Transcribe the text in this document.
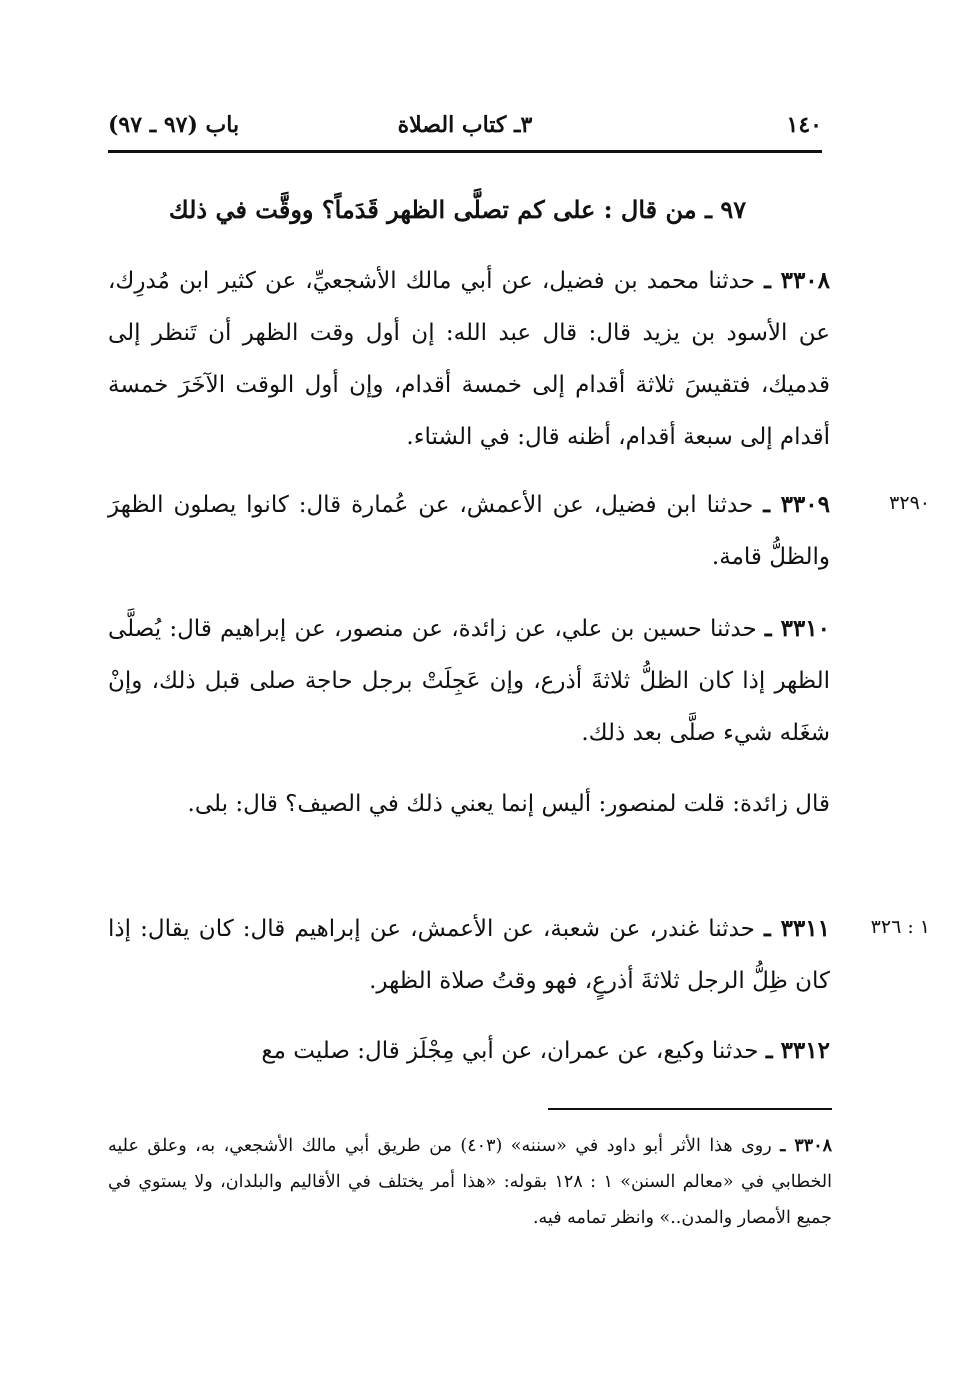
١٤٠
٣ـ كتاب الصلاة
باب (٩٧ ـ ٩٧)
٩٧ ـ من قال : على كم تصلَّى الظهر قَدَماً؟ ووقَّت في ذلك

٣٣٠٨ ـ حدثنا محمد بن فضيل، عن أبي مالك الأشجعيِّ، عن كثير ابن مُدرِك، عن الأسود بن يزيد قال: قال عبد الله: إن أول وقت الظهر أن تَنظر إلى قدميك، فتقيسَ ثلاثة أقدام إلى خمسة أقدام، وإن أول الوقت الآخَرَ خمسة أقدام إلى سبعة أقدام، أظنه قال: في الشتاء.

٣٣٠٩ ـ حدثنا ابن فضيل، عن الأعمش، عن عُمارة قال: كانوا يصلون الظهرَ والظلُّ قامة.

٣٢٩٠

٣٣١٠ ـ حدثنا حسين بن علي، عن زائدة، عن منصور، عن إبراهيم قال: يُصلَّى الظهر إذا كان الظلُّ ثلاثةَ أذرع، وإن عَجِلَتْ برجل حاجة صلى قبل ذلك، وإنْ شغَله شيء صلَّى بعد ذلك.

قال زائدة: قلت لمنصور: أليس إنما يعني ذلك في الصيف؟ قال: بلى.

٣٣١١ ـ حدثنا غندر، عن شعبة، عن الأعمش، عن إبراهيم قال: كان يقال: إذا كان ظِلُّ الرجل ثلاثةَ أذرعٍ، فهو وقتُ صلاة الظهر.

١ : ٣٢٦

٣٣١٢ ـ حدثنا وكيع، عن عمران، عن أبي مِجْلَز قال: صليت مع

٣٣٠٨ ـ روى هذا الأثر أبو داود في «سننه» (٤٠٣) من طريق أبي مالك الأشجعي، به، وعلق عليه الخطابي في «معالم السنن» ١ : ١٢٨ بقوله: «هذا أمر يختلف في الأقاليم والبلدان، ولا يستوي في جميع الأمصار والمدن..» وانظر تمامه فيه.
